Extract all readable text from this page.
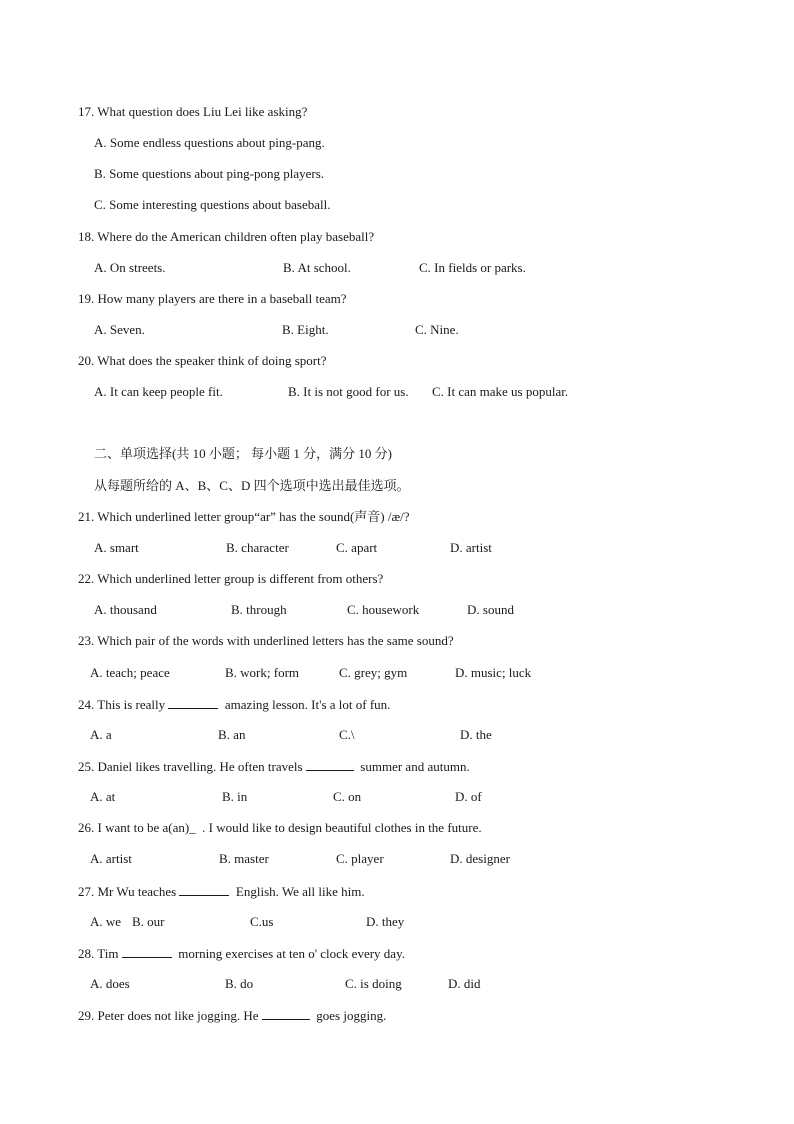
17. What question does Liu Lei like asking?
A. Some endless questions about ping-pang.
B. Some questions about ping-pong players.
C. Some interesting questions about baseball.
18. Where do the American children often play baseball?
A. On streets.	B. At school.	C. In fields or parks.
19. How many players are there in a baseball team?
A. Seven.	B. Eight.	C. Nine.
20. What does the speaker think of doing sport?
A. It can keep people fit.	B. It is not good for us. C. It can make us popular.
二、单项选择(共 10 小题； 每小题 1 分，满分 10 分)
从每题所给的 A、B、C、D 四个选项中选出最佳选项。
21. Which underlined letter group“ar” has the sound(声音) /æ/?
A. smart	B. character	C. apart	D. artist
22. Which underlined letter group is different from others?
A. thousand	B. through	C. housework	D. sound
23. Which pair of the words with underlined letters has the same sound?
A. teach; peace	B. work; form	C. grey; gym	D. music; luck
24. This is really	amazing lesson. It's a lot of fun.
A. a	B. an	C.\	D. the
25. Daniel likes travelling. He often travels	summer and autumn.
A. at	B. in	C. on	D. of
26. I want to be a(an)_  . I would like to design beautiful clothes in the future.
A. artist	B. master	C. player	D. designer
27. Mr Wu teaches	English. We all like him.
A. we B. our	C.us	D. they
28. Tim	morning exercises at ten o' clock every day.
A. does	B. do	C. is doing	D. did
29. Peter does not like jogging. He	goes jogging.
